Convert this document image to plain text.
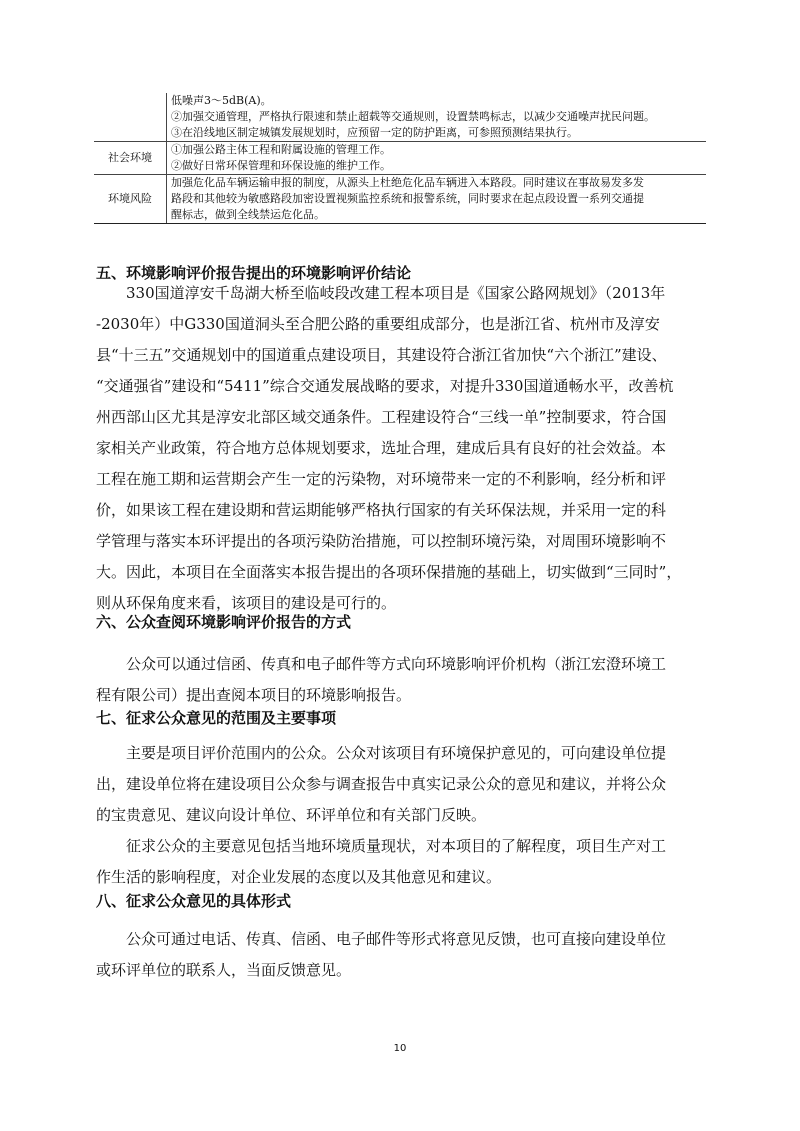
	低噪声3～5dB(A)。
②加强交通管理，严格执行限速和禁止超载等交通规则，设置禁鸣标志，以减少交通噪声扰民问题。
③在沿线地区制定城镇发展规划时，应预留一定的防护距离，可参照预测结果执行。

社会环境	①加强公路主体工程和附属设施的管理工作。
②做好日常环保管理和环保设施的维护工作。

环境风险	加强危化品车辆运输申报的制度，从源头上杜绝危化品车辆进入本路段。同时建议在事故易发多发
路段和其他较为敏感路段加密设置视频监控系统和报警系统，同时要求在起点段设置一系列交通提
醒标志，做到全线禁运危化品。
五、环境影响评价报告提出的环境影响评价结论
330国道淳安千岛湖大桥至临岐段改建工程本项目是《国家公路网规划》（2013年
-2030年）中G330国道洞头至合肥公路的重要组成部分，也是浙江省、杭州市及淳安
县“十三五”交通规划中的国道重点建设项目，其建设符合浙江省加快“六个浙江”建设、
“交通强省”建设和“5411”综合交通发展战略的要求，对提升330国道通畅水平，改善杭
州西部山区尤其是淳安北部区域交通条件。工程建设符合“三线一单”控制要求，符合国
家相关产业政策，符合地方总体规划要求，选址合理，建成后具有良好的社会效益。本
工程在施工期和运营期会产生一定的污染物，对环境带来一定的不利影响，经分析和评
价，如果该工程在建设期和营运期能够严格执行国家的有关环保法规，并采用一定的科
学管理与落实本环评提出的各项污染防治措施，可以控制环境污染，对周围环境影响不
大。因此，本项目在全面落实本报告提出的各项环保措施的基础上，切实做到“三同时”，
则从环保角度来看，该项目的建设是可行的。
六、公众查阅环境影响评价报告的方式
公众可以通过信函、传真和电子邮件等方式向环境影响评价机构（浙江宏澄环境工
程有限公司）提出查阅本项目的环境影响报告。
七、征求公众意见的范围及主要事项
主要是项目评价范围内的公众。公众对该项目有环境保护意见的，可向建设单位提
出，建设单位将在建设项目公众参与调查报告中真实记录公众的意见和建议，并将公众
的宝贵意见、建议向设计单位、环评单位和有关部门反映。
征求公众的主要意见包括当地环境质量现状，对本项目的了解程度，项目生产对工
作生活的影响程度，对企业发展的态度以及其他意见和建议。
八、征求公众意见的具体形式
公众可通过电话、传真、信函、电子邮件等形式将意见反馈，也可直接向建设单位
或环评单位的联系人，当面反馈意见。
10
